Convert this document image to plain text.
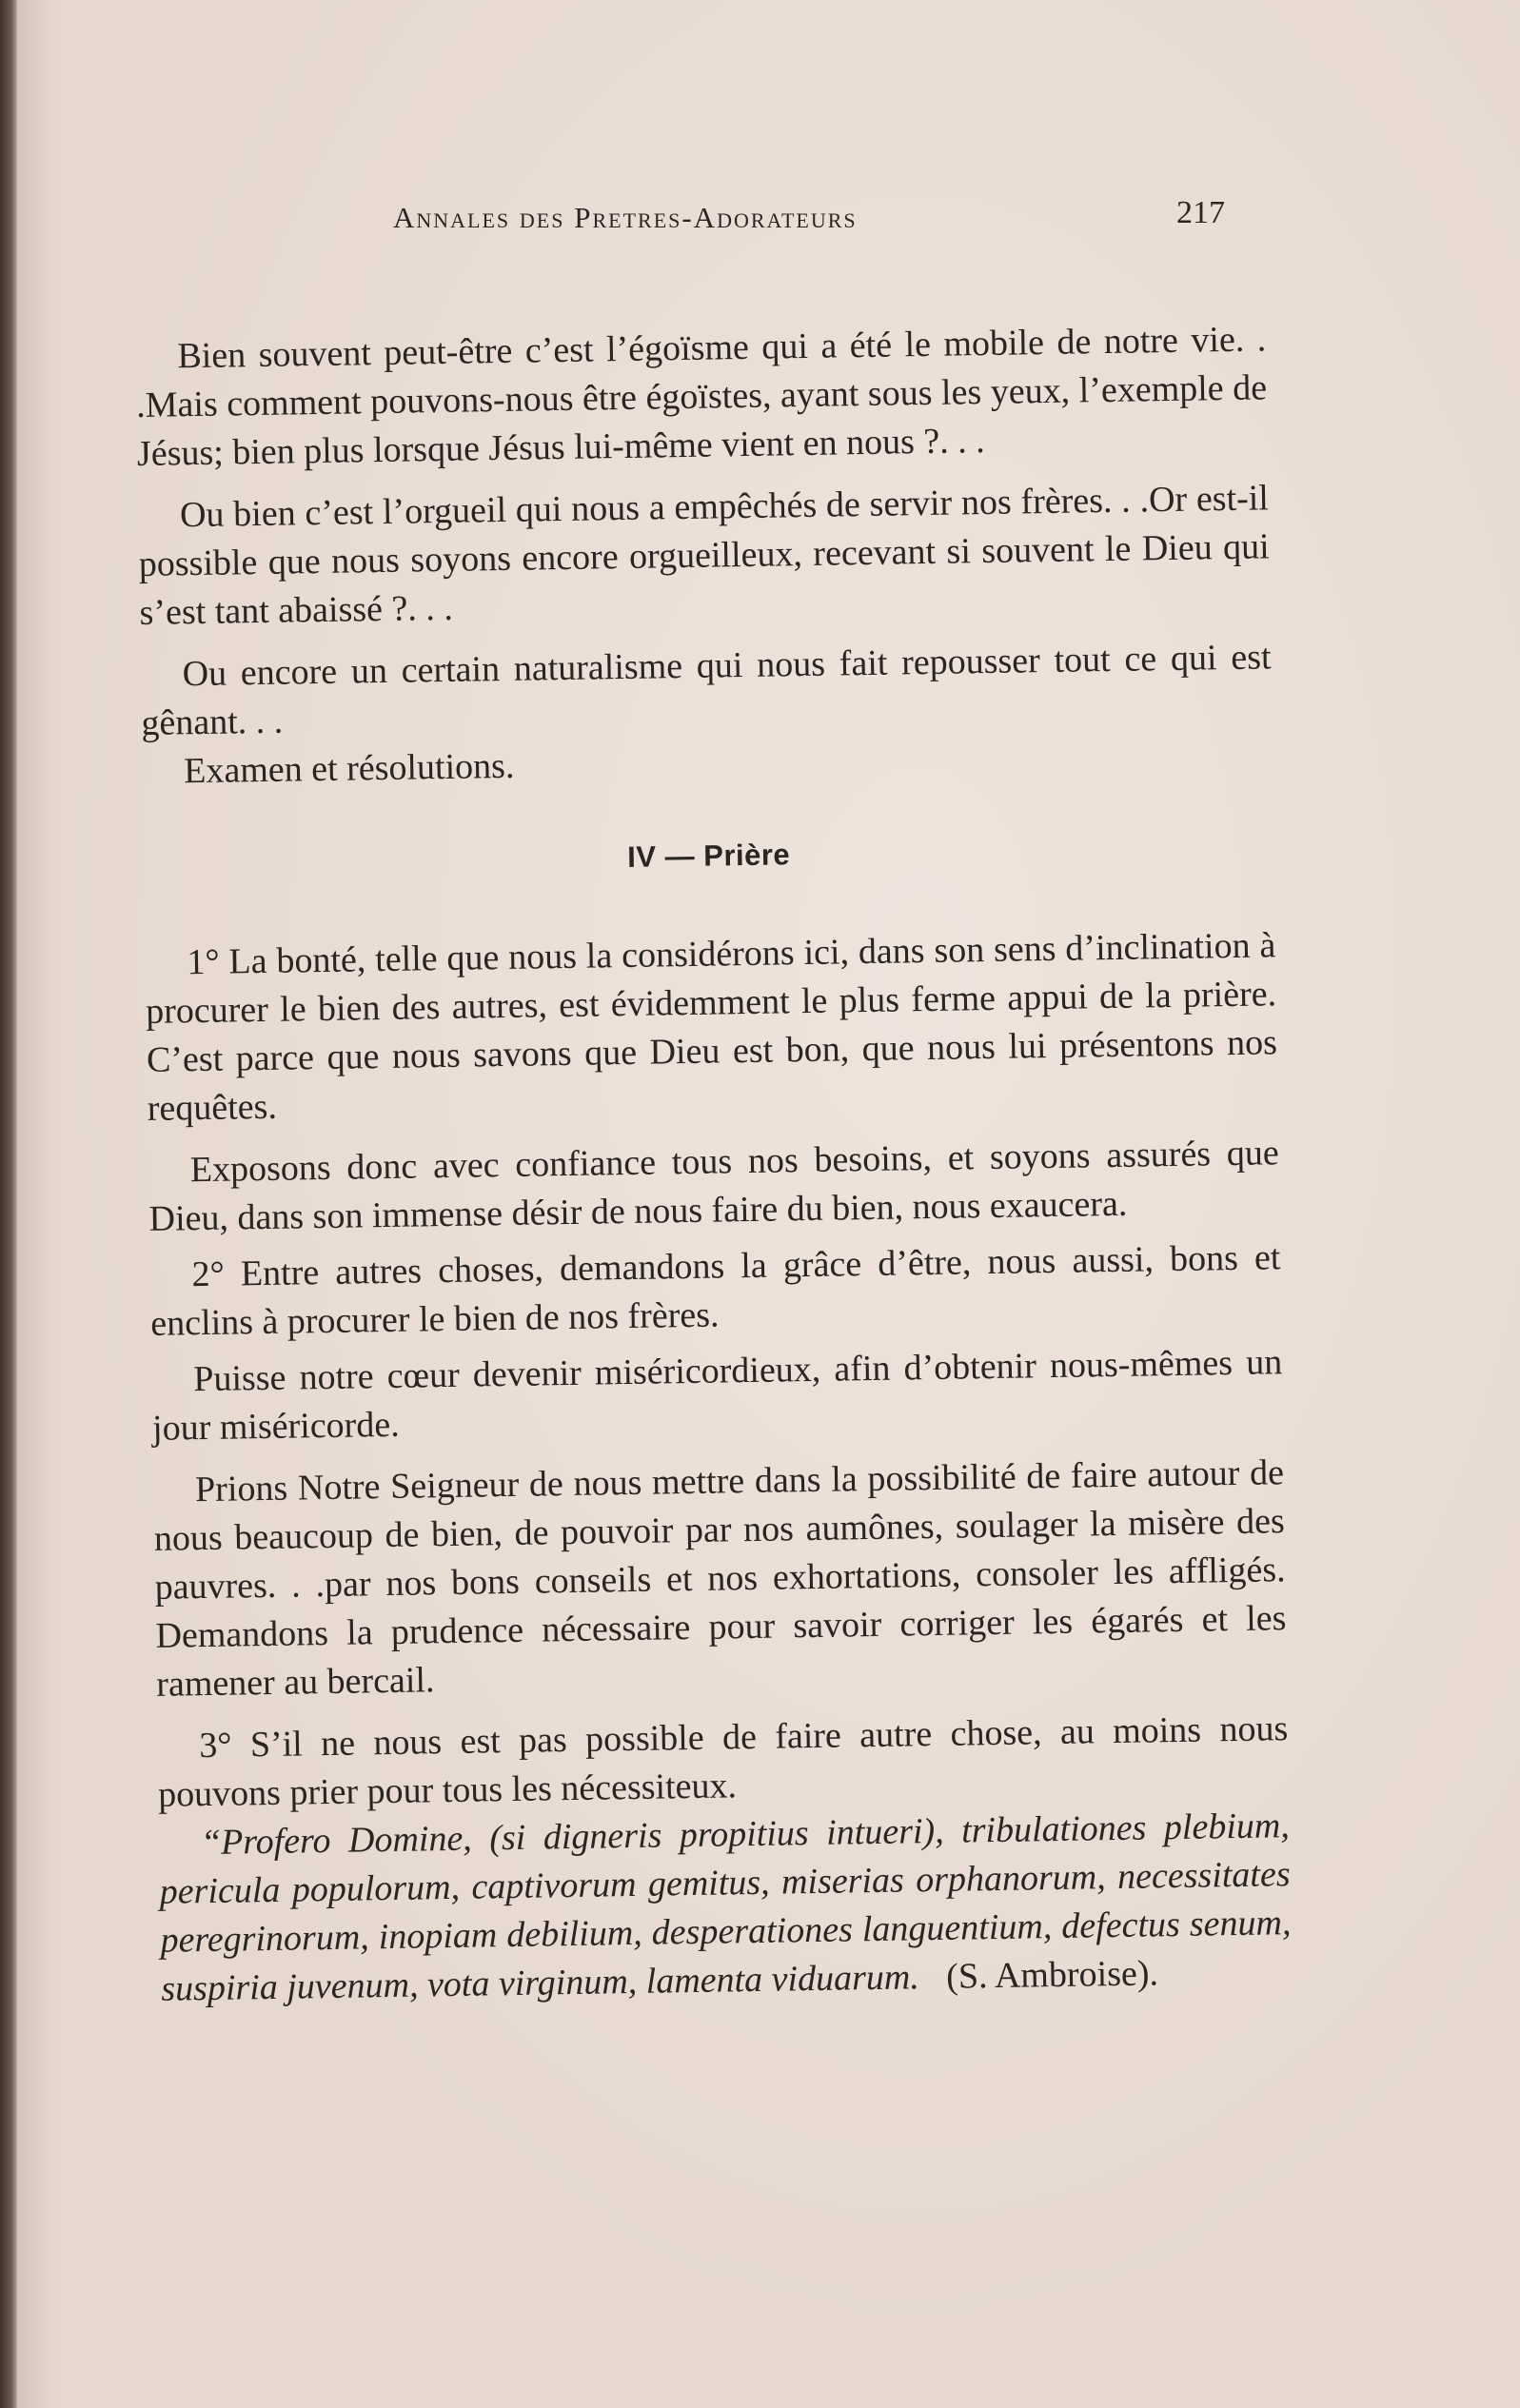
Annales des Pretres-Adorateurs	217

Bien souvent peut-être c’est l’égoïsme qui a été le mobile de notre vie. . .Mais comment pouvons-nous être égoïstes, ayant sous les yeux, l’exemple de Jésus; bien plus lorsque Jésus lui-même vient en nous ?. . .

Ou bien c’est l’orgueil qui nous a empêchés de servir nos frères. . .Or est-il possible que nous soyons encore orgueilleux, recevant si souvent le Dieu qui s’est tant abaissé ?. . .

Ou encore un certain naturalisme qui nous fait repousser tout ce qui est gênant. . .

Examen et résolutions.

IV — Prière

1° La bonté, telle que nous la considérons ici, dans son sens d’inclination à procurer le bien des autres, est évidemment le plus ferme appui de la prière. C’est parce que nous savons que Dieu est bon, que nous lui présentons nos requêtes.

Exposons donc avec confiance tous nos besoins, et soyons assurés que Dieu, dans son immense désir de nous faire du bien, nous exaucera.

2° Entre autres choses, demandons la grâce d’être, nous aussi, bons et enclins à procurer le bien de nos frères.

Puisse notre cœur devenir miséricordieux, afin d’obtenir nous-mêmes un jour miséricorde.

Prions Notre Seigneur de nous mettre dans la possibilité de faire autour de nous beaucoup de bien, de pouvoir par nos aumônes, soulager la misère des pauvres. . .par nos bons conseils et nos exhortations, consoler les affligés. Demandons la prudence nécessaire pour savoir corriger les égarés et les ramener au bercail.

3° S’il ne nous est pas possible de faire autre chose, au moins nous pouvons prier pour tous les nécessiteux.

“Profero Domine, (si digneris propitius intueri), tribulationes plebium, pericula populorum, captivorum gemitus, miserias orphanorum, necessitates peregrinorum, inopiam debilium, desperationes languentium, defectus senum, suspiria juvenum, vota virginum, lamenta viduarum. (S. Ambroise).
